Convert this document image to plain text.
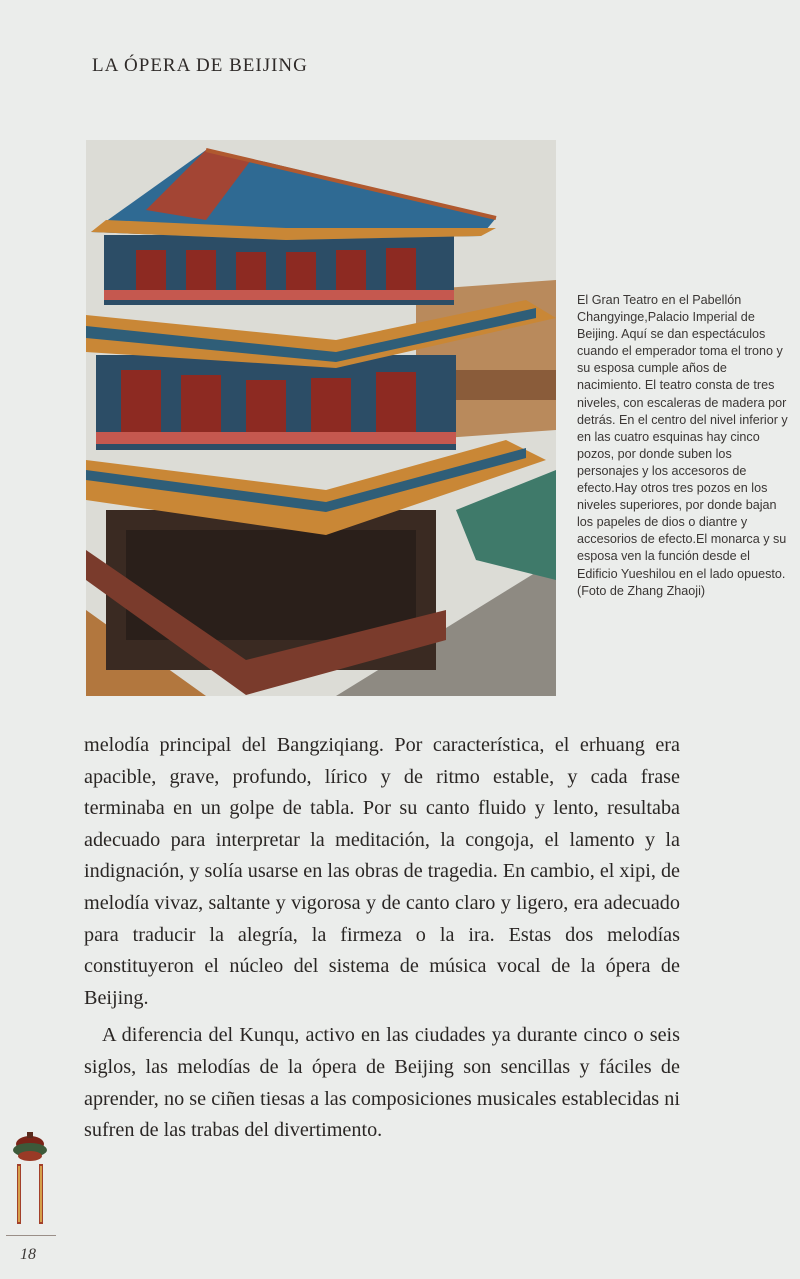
LA ÓPERA DE BEIJING
El Gran Teatro en el Pabellón Changyinge,Palacio Imperial de Beijing. Aquí se dan espectáculos cuando el emperador toma el trono y su esposa cumple años de nacimiento. El teatro consta de tres niveles, con escaleras de madera por detrás. En el centro del nivel inferior y en las cuatro esquinas hay cinco pozos, por donde suben los personajes y los accesoros de efecto.Hay otros tres pozos en los niveles superiores, por donde bajan los papeles de dios o diantre y accesorios de efecto.El monarca y su esposa ven la función desde el Edificio Yueshilou en el lado opuesto. (Foto de Zhang Zhaoji)

melodía principal del Bangziqiang. Por característica, el erhuang era apacible, grave, profundo, lírico y de ritmo estable, y cada frase terminaba en un golpe de tabla. Por su canto fluido y lento, resultaba adecuado para interpretar la meditación, la congoja, el lamento y la indignación, y solía usarse en las obras de tragedia. En cambio, el xipi, de melodía vivaz, saltante y vigorosa y de canto claro y ligero, era adecuado para traducir la alegría, la firmeza o la ira. Estas dos melodías constituyeron el núcleo del sistema de música vocal de la ópera de Beijing.

A diferencia del Kunqu, activo en las ciudades ya durante cinco o seis siglos, las melodías de la ópera de Beijing son sencillas y fáciles de aprender, no se ciñen tiesas a las composiciones musicales establecidas ni sufren de las trabas del divertimento.

18
